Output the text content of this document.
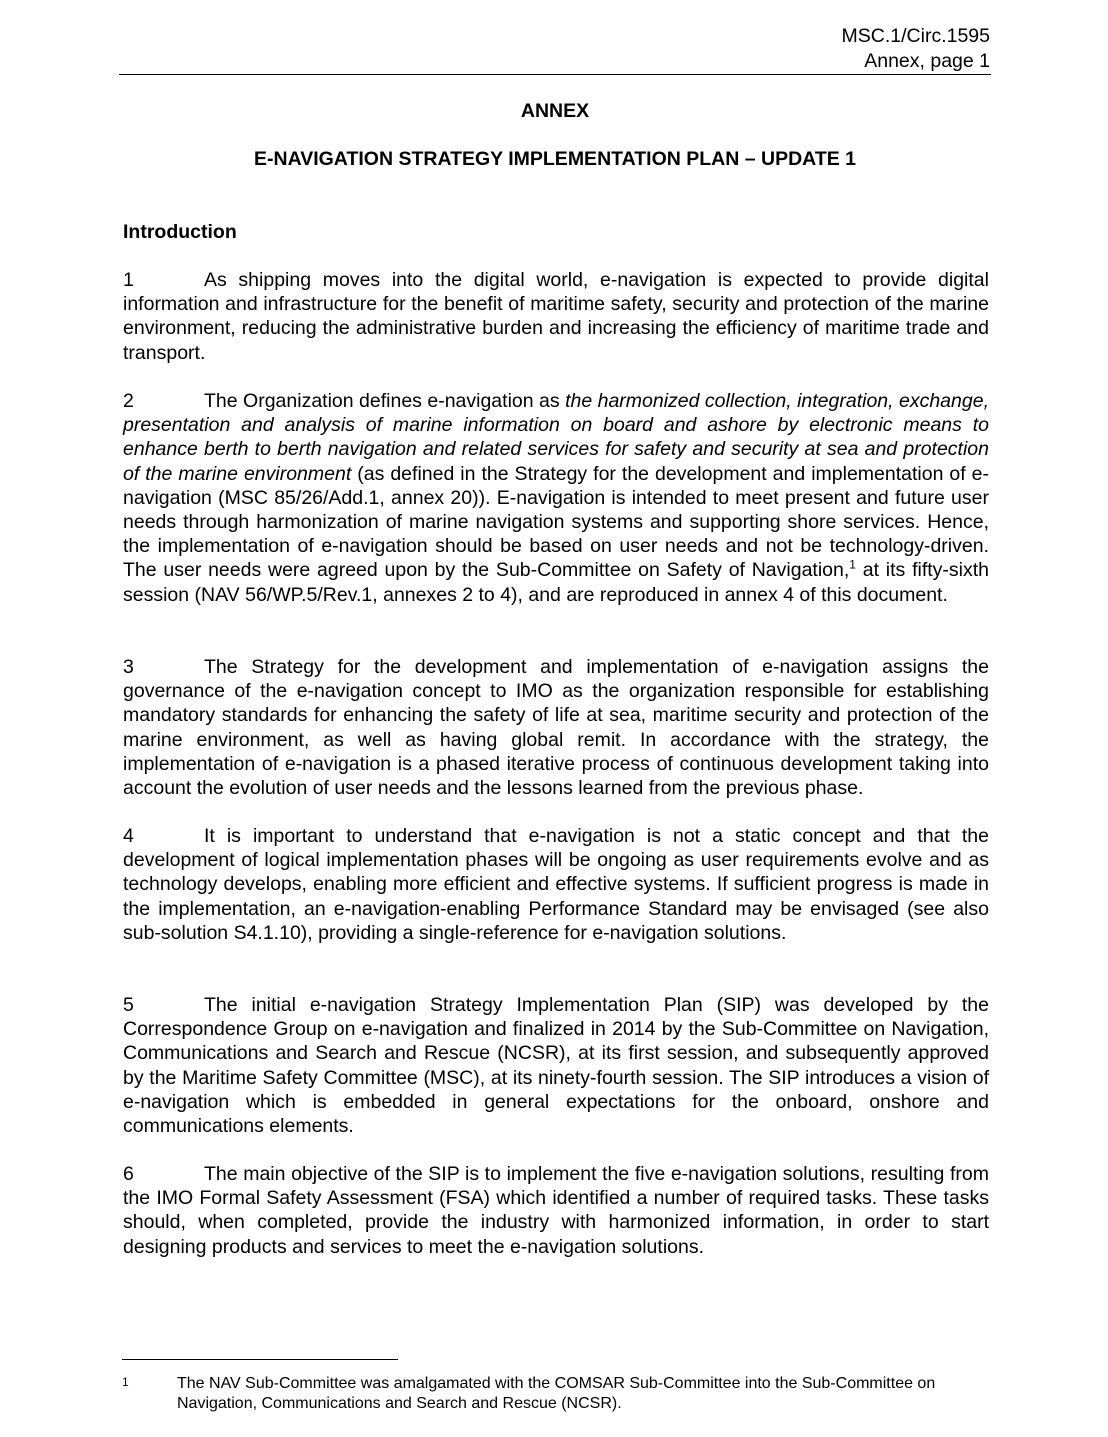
MSC.1/Circ.1595
Annex, page 1
ANNEX
E-NAVIGATION STRATEGY IMPLEMENTATION PLAN – UPDATE 1
Introduction

1	As shipping moves into the digital world, e-navigation is expected to provide digital information and infrastructure for the benefit of maritime safety, security and protection of the marine environment, reducing the administrative burden and increasing the efficiency of maritime trade and transport.

2	The Organization defines e-navigation as the harmonized collection, integration, exchange, presentation and analysis of marine information on board and ashore by electronic means to enhance berth to berth navigation and related services for safety and security at sea and protection of the marine environment (as defined in the Strategy for the development and implementation of e-navigation (MSC 85/26/Add.1, annex 20)). E-navigation is intended to meet present and future user needs through harmonization of marine navigation systems and supporting shore services. Hence, the implementation of e-navigation should be based on user needs and not be technology-driven. The user needs were agreed upon by the Sub-Committee on Safety of Navigation,$^1$ at its fifty-sixth session (NAV 56/WP.5/Rev.1, annexes 2 to 4), and are reproduced in annex 4 of this document.

3	The Strategy for the development and implementation of e-navigation assigns the governance of the e-navigation concept to IMO as the organization responsible for establishing mandatory standards for enhancing the safety of life at sea, maritime security and protection of the marine environment, as well as having global remit. In accordance with the strategy, the implementation of e-navigation is a phased iterative process of continuous development taking into account the evolution of user needs and the lessons learned from the previous phase.

4	It is important to understand that e-navigation is not a static concept and that the development of logical implementation phases will be ongoing as user requirements evolve and as technology develops, enabling more efficient and effective systems. If sufficient progress is made in the implementation, an e-navigation-enabling Performance Standard may be envisaged (see also sub-solution S4.1.10), providing a single-reference for e-navigation solutions.

5	The initial e-navigation Strategy Implementation Plan (SIP) was developed by the Correspondence Group on e-navigation and finalized in 2014 by the Sub-Committee on Navigation, Communications and Search and Rescue (NCSR), at its first session, and subsequently approved by the Maritime Safety Committee (MSC), at its ninety-fourth session. The SIP introduces a vision of e-navigation which is embedded in general expectations for the onboard, onshore and communications elements.

6	The main objective of the SIP is to implement the five e-navigation solutions, resulting from the IMO Formal Safety Assessment (FSA) which identified a number of required tasks. These tasks should, when completed, provide the industry with harmonized information, in order to start designing products and services to meet the e-navigation solutions.

1	The NAV Sub-Committee was amalgamated with the COMSAR Sub-Committee into the Sub-Committee on Navigation, Communications and Search and Rescue (NCSR).
